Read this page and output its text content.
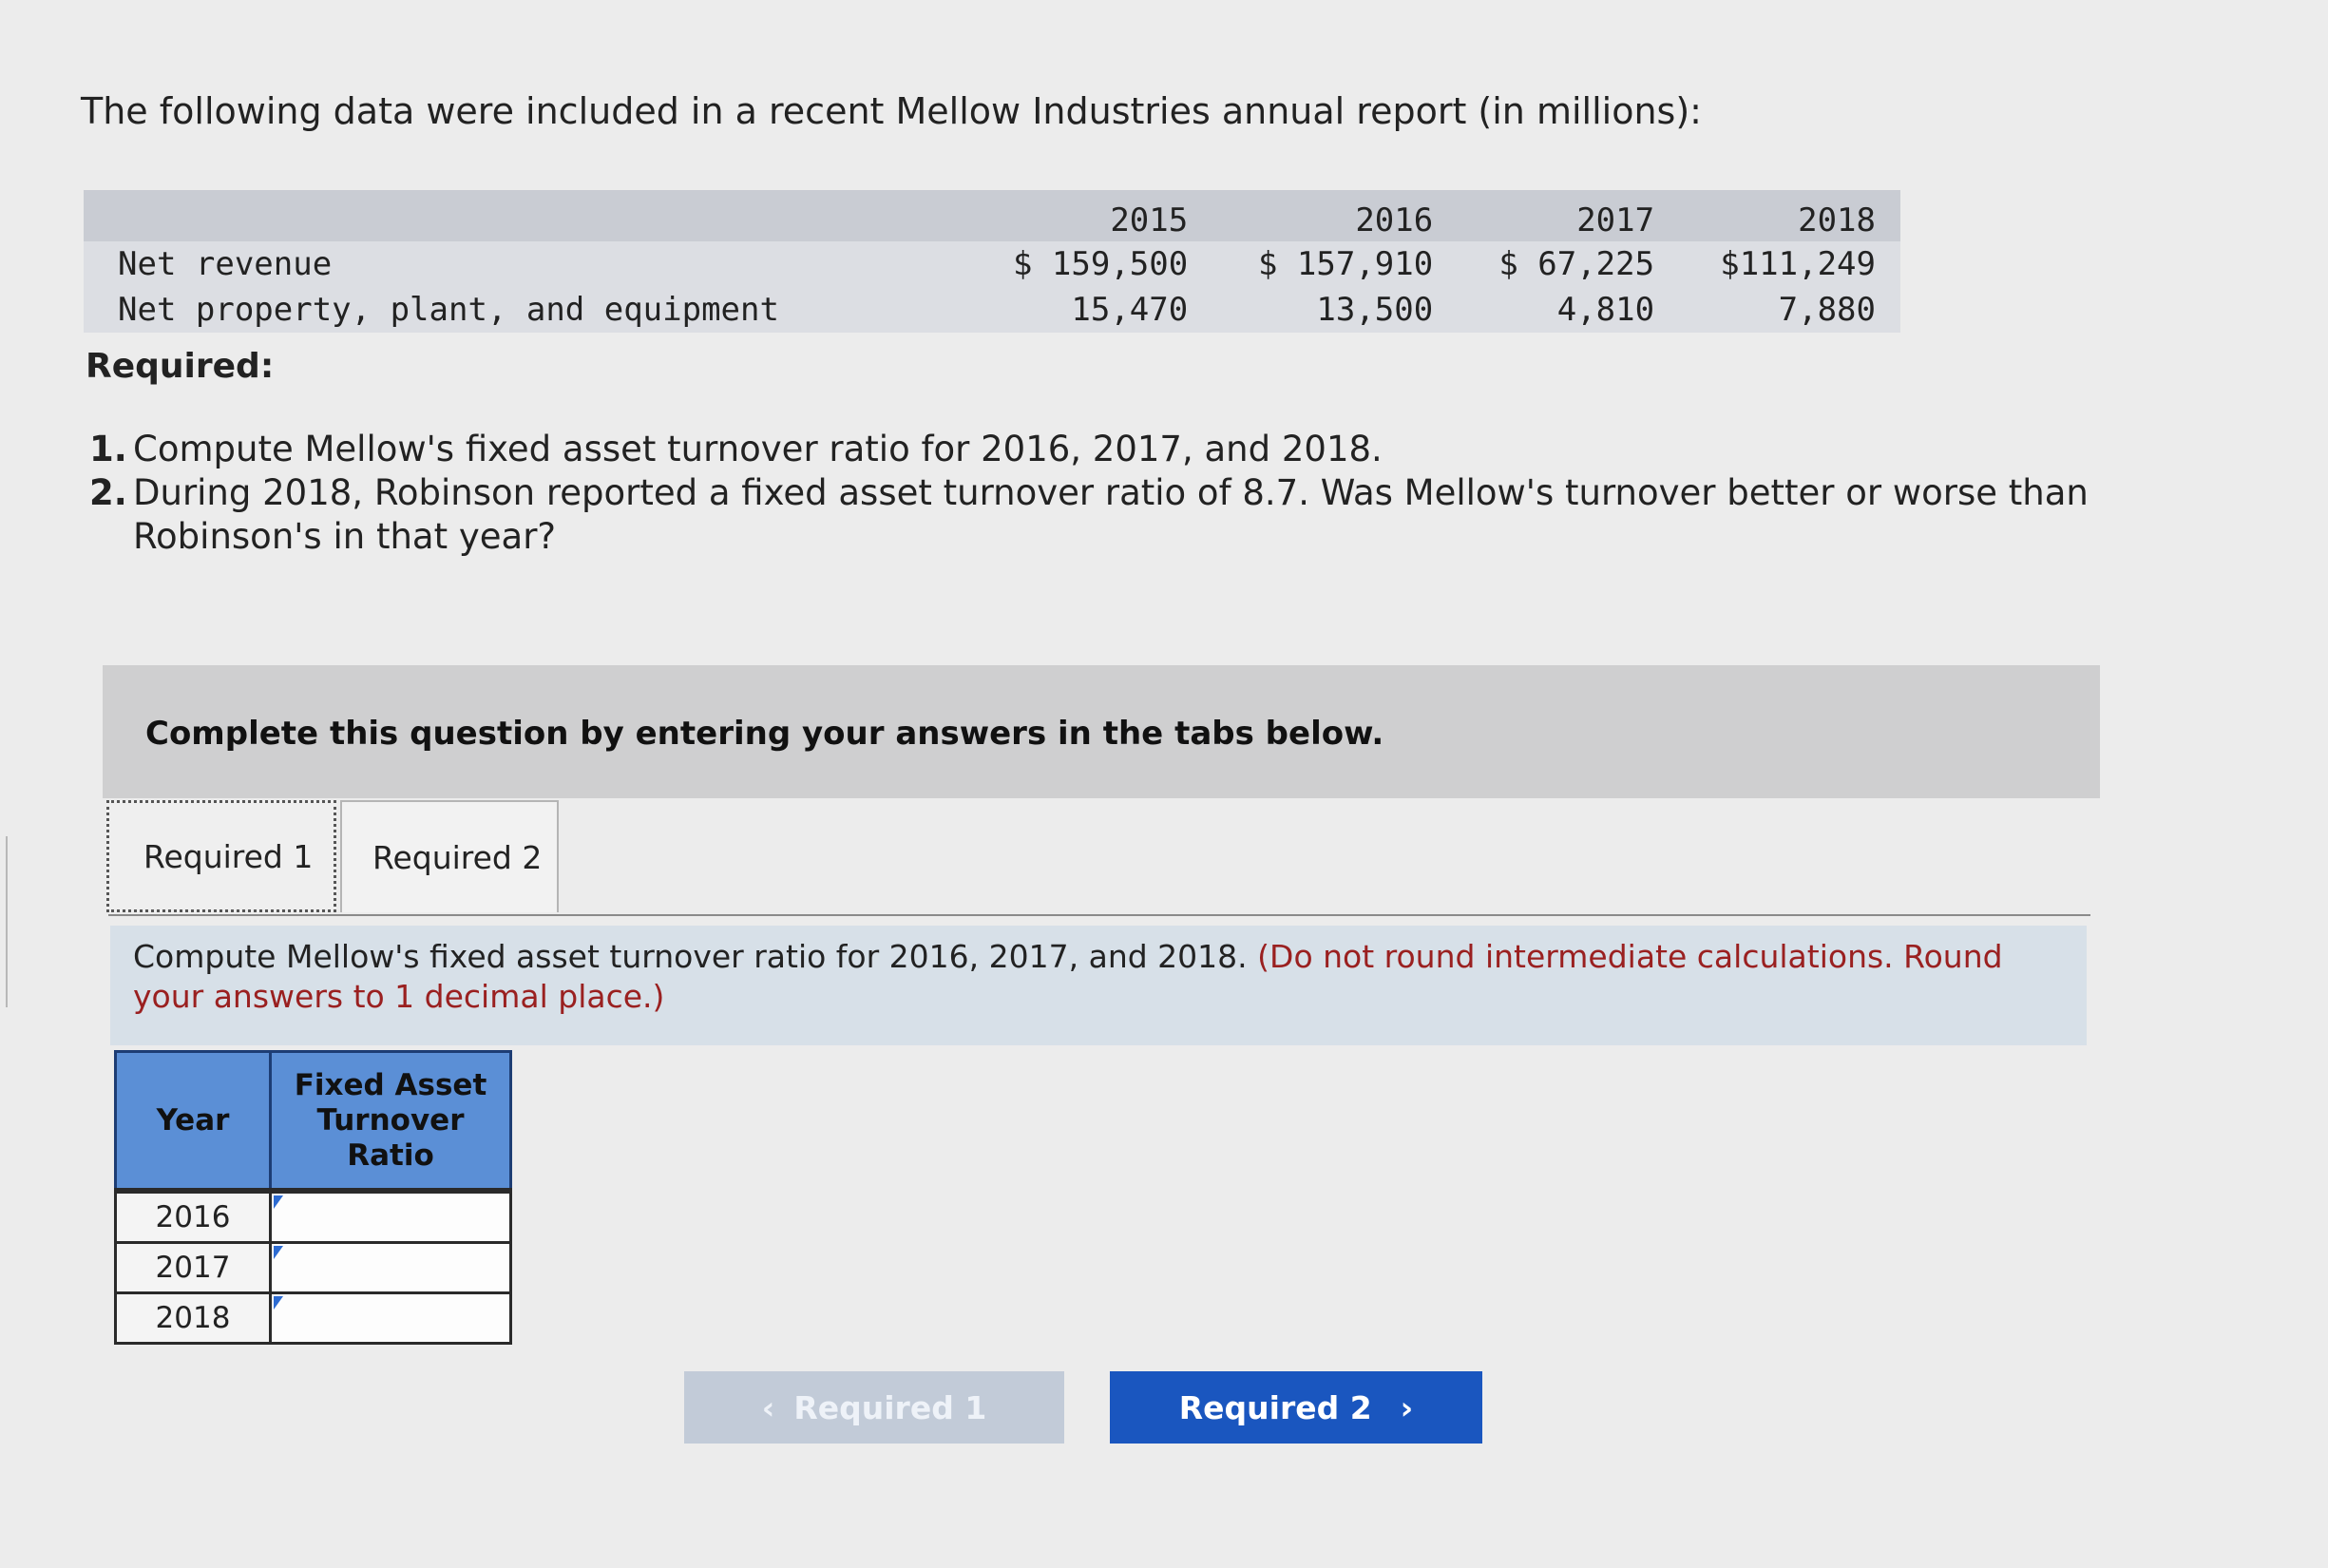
The following data were included in a recent Mellow Industries annual report (in millions):
	2015	2016	2017	2018
Net revenue	$ 159,500	$ 157,910	$ 67,225	$111,249
Net property, plant, and equipment	15,470	13,500	4,810	7,880
Required:
1. Compute Mellow's fixed asset turnover ratio for 2016, 2017, and 2018.
2. During 2018, Robinson reported a fixed asset turnover ratio of 8.7. Was Mellow's turnover better or worse than Robinson's in that year?
Complete this question by entering your answers in the tabs below.
Required 1 Required 2
Compute Mellow's fixed asset turnover ratio for 2016, 2017, and 2018. (Do not round intermediate calculations. Round your answers to 1 decimal place.)
Year	Fixed Asset Turnover Ratio
2016	

2017	

2018	
‹ Required 1	Required 2 ›
